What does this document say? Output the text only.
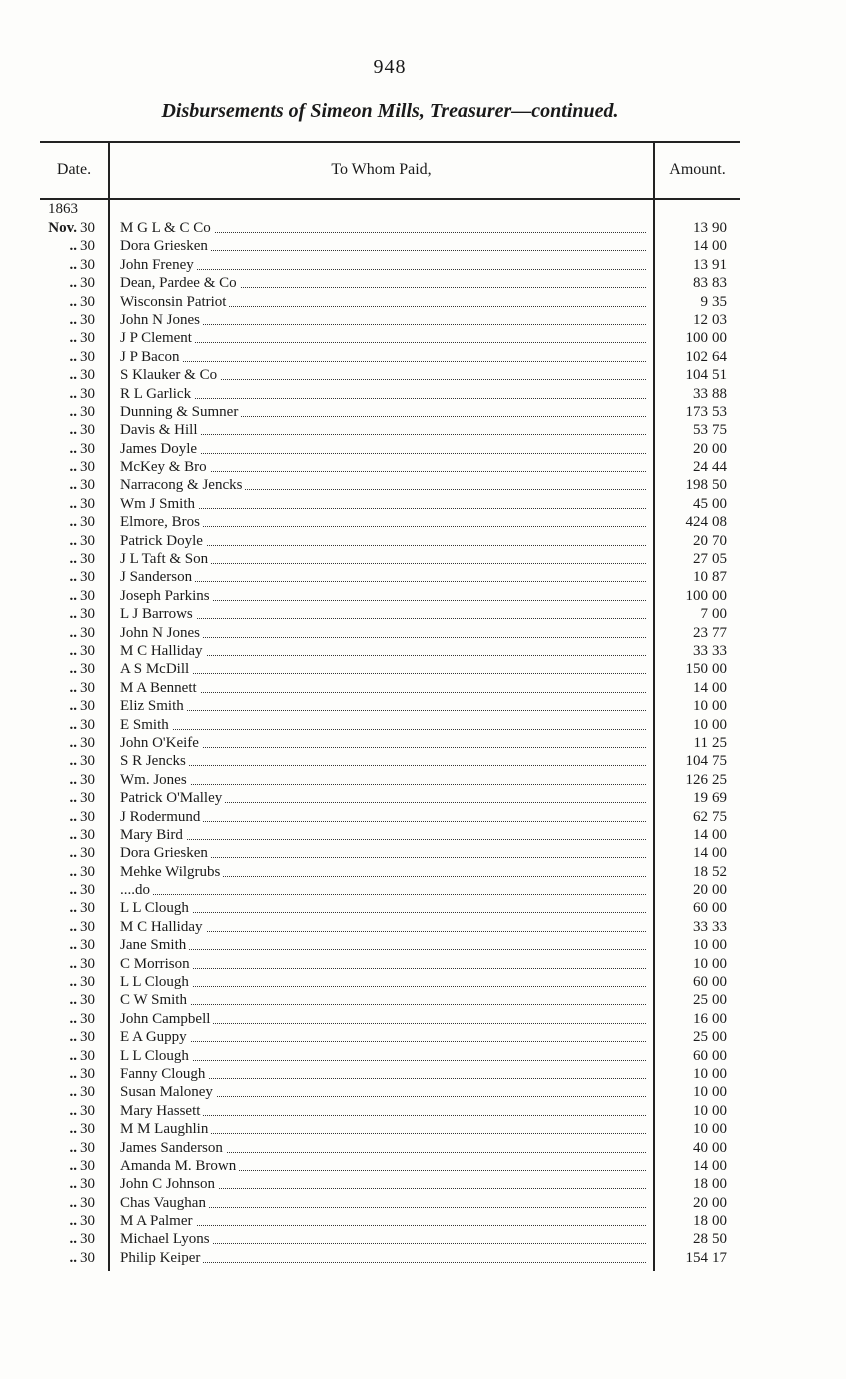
948
Disbursements of Simeon Mills, Treasurer—continued.
Date.	To Whom Paid,	Amount.
1863
Nov. 30	M G L & C Co	13 90
.. 30	Dora Griesken	14 00
.. 30	John Freney	13 91
.. 30	Dean, Pardee & Co	83 83
.. 30	Wisconsin Patriot	9 35
.. 30	John N Jones	12 03
.. 30	J P Clement	100 00
.. 30	J P Bacon	102 64
.. 30	S Klauker & Co	104 51
.. 30	R L Garlick	33 88
.. 30	Dunning & Sumner	173 53
.. 30	Davis & Hill	53 75
.. 30	James Doyle	20 00
.. 30	McKey & Bro	24 44
.. 30	Narracong & Jencks	198 50
.. 30	Wm J Smith	45 00
.. 30	Elmore, Bros	424 08
.. 30	Patrick Doyle	20 70
.. 30	J L Taft & Son	27 05
.. 30	J Sanderson	10 87
.. 30	Joseph Parkins	100 00
.. 30	L J Barrows	7 00
.. 30	John N Jones	23 77
.. 30	M C Halliday	33 33
.. 30	A S McDill	150 00
.. 30	M A Bennett	14 00
.. 30	Eliz Smith	10 00
.. 30	E Smith	10 00
.. 30	John O'Keife	11 25
.. 30	S R Jencks	104 75
.. 30	Wm. Jones	126 25
.. 30	Patrick O'Malley	19 69
.. 30	J Rodermund	62 75
.. 30	Mary Bird	14 00
.. 30	Dora Griesken	14 00
.. 30	Mehke Wilgrubs	18 52
.. 30	....do	20 00
.. 30	L L Clough	60 00
.. 30	M C Halliday	33 33
.. 30	Jane Smith	10 00
.. 30	C Morrison	10 00
.. 30	L L Clough	60 00
.. 30	C W Smith	25 00
.. 30	John Campbell	16 00
.. 30	E A Guppy	25 00
.. 30	L L Clough	60 00
.. 30	Fanny Clough	10 00
.. 30	Susan Maloney	10 00
.. 30	Mary Hassett	10 00
.. 30	M M Laughlin	10 00
.. 30	James Sanderson	40 00
.. 30	Amanda M. Brown	14 00
.. 30	John C Johnson	18 00
.. 30	Chas Vaughan	20 00
.. 30	M A Palmer	18 00
.. 30	Michael Lyons	28 50
.. 30	Philip Keiper	154 17
